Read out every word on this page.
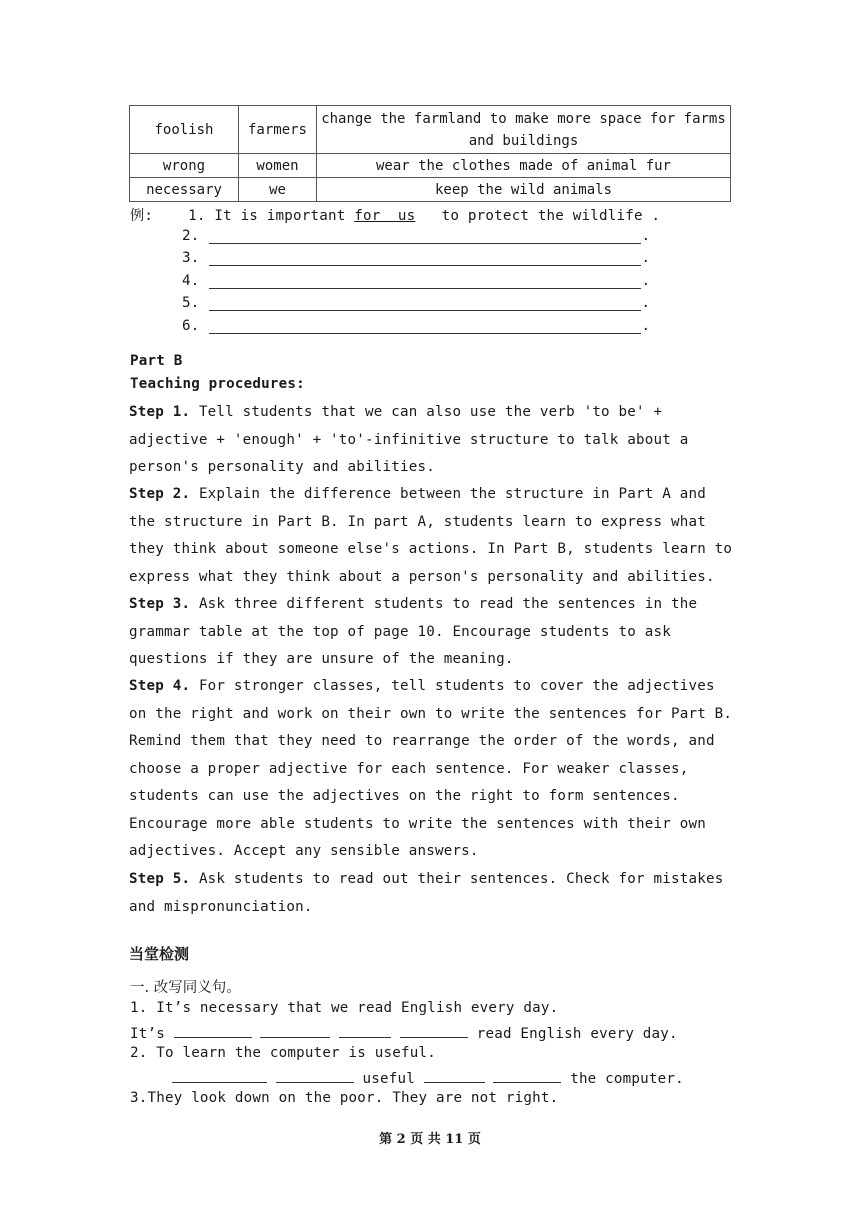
foolish	farmers	change the farmland to make more space for farms and buildings
wrong	women	wear the clothes made of animal fur
necessary	we	keep the wild animals
例: 1. It is important for  us to protect the wildlife .
2.	.
3.	.
4.	.
5.	.
6.	.
Part B
Teaching procedures:
Step 1. Tell students that we can also use the verb 'to be' + adjective + 'enough' + 'to'-infinitive structure to talk about a person's personality and abilities.
Step 2. Explain the difference between the structure in Part A and the structure in Part B. In part A, students learn to express what they think about someone else's actions. In Part B, students learn to express what they think about a person's personality and abilities.
Step 3. Ask three different students to read the sentences in the grammar table at the top of page 10. Encourage students to ask questions if they are unsure of the meaning.
Step 4. For stronger classes, tell students to cover the adjectives on the right and work on their own to write the sentences for Part B. Remind them that they need to rearrange the order of the words, and choose a proper adjective for each sentence. For weaker classes, students can use the adjectives on the right to form sentences. Encourage more able students to write the sentences with their own adjectives. Accept any sensible answers.
Step 5. Ask students to read out their sentences. Check for mistakes and mispronunciation.
当堂检测
一. 改写同义句。
1. It’s necessary that we read English every day.
It’s	read English every day.
2. To learn the computer is useful.
useful	the computer.
3.They look down on the poor. They are not right.
第 2 页 共 11 页
